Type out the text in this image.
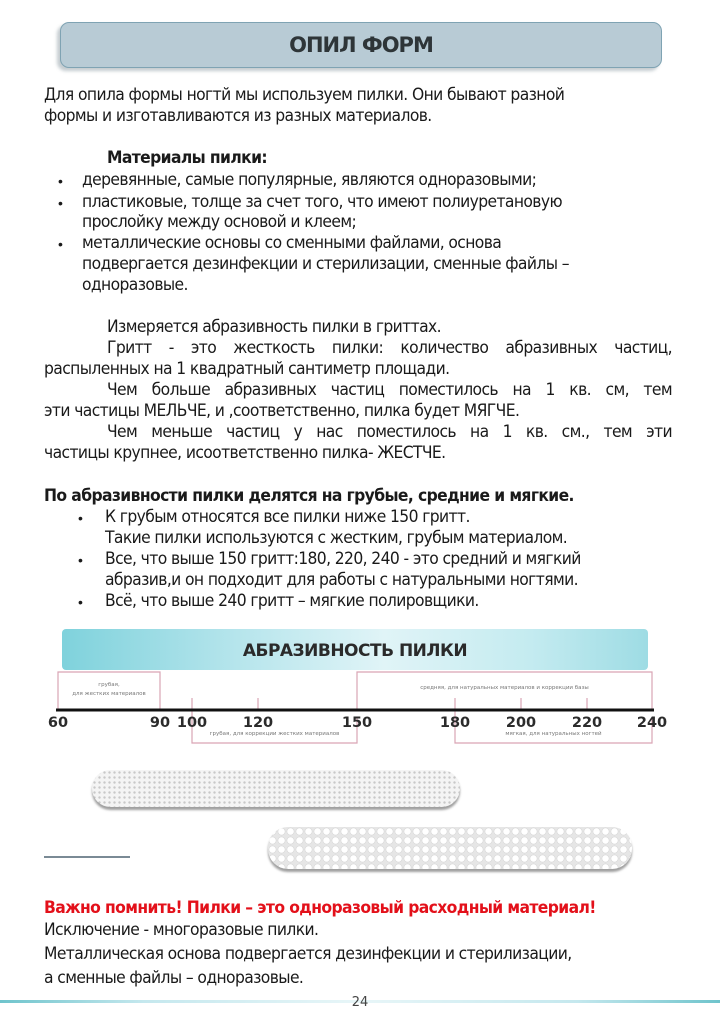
ОПИЛ ФОРМ
Для опила формы ногтй мы используем пилки. Они бывают разной
формы и изготавливаются из разных материалов.
Материалы пилки:
• деревянные, самые популярные, являются одноразовыми;
• пластиковые, толще за счет того, что имеют полиуретановую
прослойку между основой и клеем;
• металлические основы со сменными файлами, основа
подвергается дезинфекции и стерилизации, сменные файлы –
одноразовые.
Измеряется абразивность пилки в гриттах.
Гритт - это жесткость пилки: количество абразивных частиц,
распыленных на 1 квадратный сантиметр площади.
Чем больше абразивных частиц поместилось на 1 кв. см, тем
эти частицы МЕЛЬЧЕ, и ,соответственно, пилка будет МЯГЧЕ.
Чем меньше частиц у нас поместилось на 1 кв. см., тем эти
частицы крупнее, исоответственно пилка- ЖЕСТЧЕ.
По абразивности пилки делятся на грубые, средние и мягкие.
• К грубым относятся все пилки ниже 150 гритт.
Такие пилки используются с жестким, грубым материалом.
• Все, что выше 150 гритт:180, 220, 240 - это средний и мягкий
абразив,и он подходит для работы с натуральными ногтями.
• Всё, что выше 240 гритт – мягкие полировщики.
АБРАЗИВНОСТЬ ПИЛКИ
грубая,
для жестких материалов
грубая, для коррекции жестких материалов
средняя, для натуральных материалов и коррекции базы
мягкая, для натуральных ногтей
60	90 100 120	150	180 200 220 240
Важно помнить! Пилки – это одноразовый расходный материал!
Исключение - многоразовые пилки.
Металлическая основа подвергается дезинфекции и стерилизации,
а сменные файлы – одноразовые.
24
